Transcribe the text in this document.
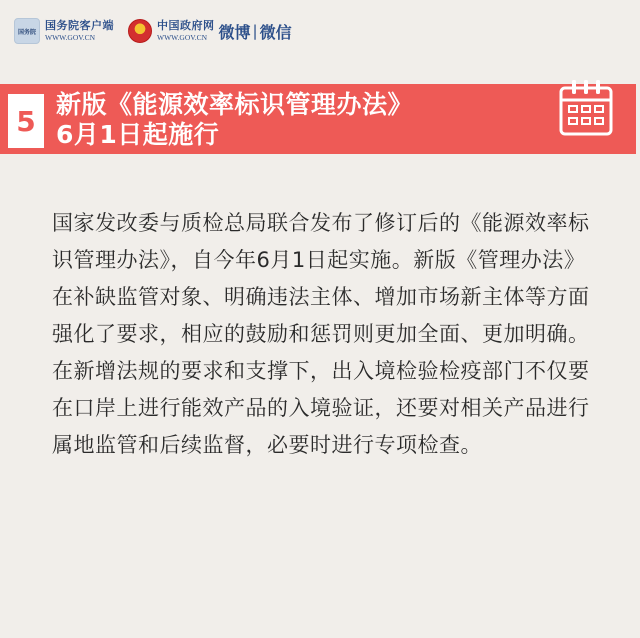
国务院 国务院客户端
WWW.GOV.CN
中国政府网
WWW.GOV.CN 微博 | 微信
5 新版《能源效率标识管理办法》
6月1日起施行

国家发改委与质检总局联合发布了修订后的《能源效率标识管理办法》，自今年6月1日起实施。新版《管理办法》在补缺监管对象、明确违法主体、增加市场新主体等方面强化了要求，相应的鼓励和惩罚则更加全面、更加明确。在新增法规的要求和支撑下，出入境检验检疫部门不仅要在口岸上进行能效产品的入境验证，还要对相关产品进行属地监管和后续监督，必要时进行专项检查。
